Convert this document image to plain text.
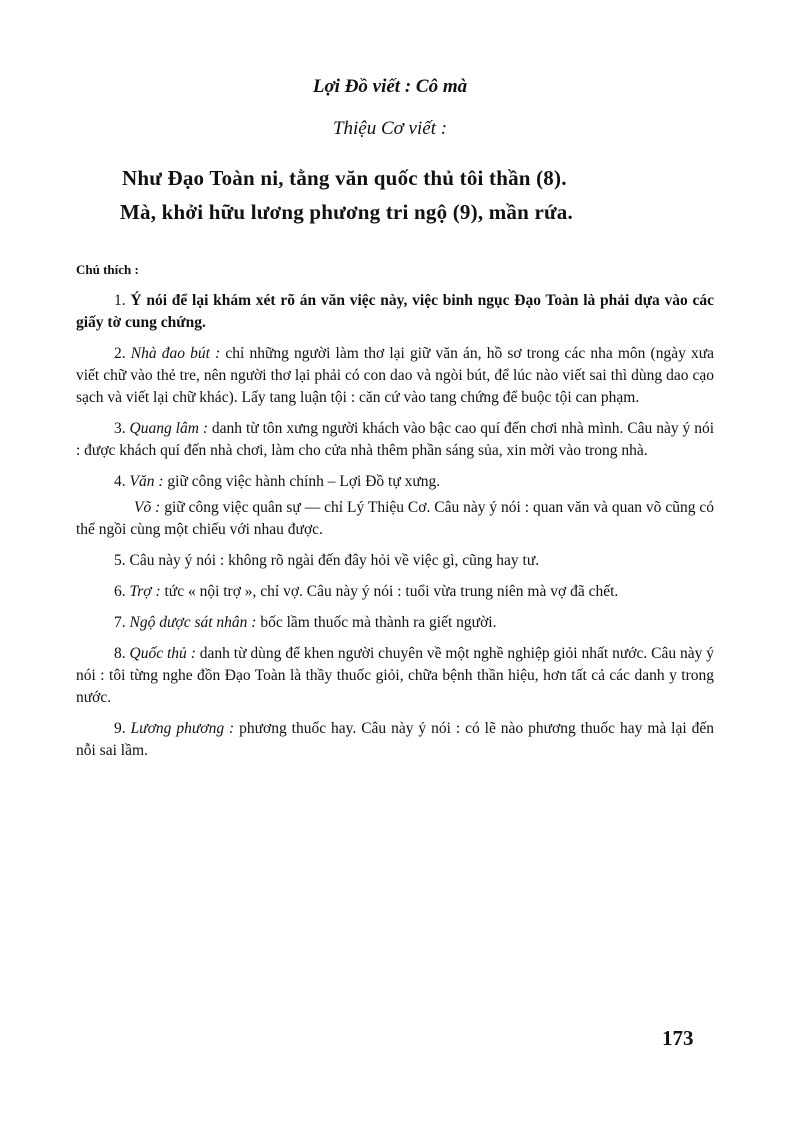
Lợi Đồ viết : Cô mà
Thiệu Cơ viết :
Như Đạo Toàn ni, tằng văn quốc thủ tôi thần (8).
Mà, khởi hữu lương phương tri ngộ (9), mần rứa.
Chú thích :

1. Ý nói để lại khám xét rõ án văn việc này, việc binh ngục Đạo Toàn là phải dựa vào các giấy tờ cung chứng.

2. Nhà đao bút : chỉ những người làm thơ lại giữ văn án, hồ sơ trong các nha môn (ngày xưa viết chữ vào thẻ tre, nên người thơ lại phải có con dao và ngòi bút, để lúc nào viết sai thì dùng dao cạo sạch và viết lại chữ khác). Lấy tang luận tội : căn cứ vào tang chứng để buộc tội can phạm.

3. Quang lâm : danh từ tôn xưng người khách vào bậc cao quí đến chơi nhà mình. Câu này ý nói : được khách quí đến nhà chơi, làm cho cửa nhà thêm phần sáng sủa, xin mời vào trong nhà.

4. Văn : giữ công việc hành chính – Lợi Đồ tự xưng.

Võ : giữ công việc quân sự — chỉ Lý Thiệu Cơ. Câu này ý nói : quan văn và quan võ cũng có thể ngồi cùng một chiếu với nhau được.

5. Câu này ý nói : không rõ ngài đến đây hỏi về việc gì, cũng hay tư.

6. Trợ : tức « nội trợ », chỉ vợ. Câu này ý nói : tuổi vừa trung niên mà vợ đã chết.

7. Ngộ dược sát nhân : bốc lầm thuốc mà thành ra giết người.

8. Quốc thủ : danh từ dùng để khen người chuyên về một nghề nghiệp giỏi nhất nước. Câu này ý nói : tôi từng nghe đồn Đạo Toàn là thầy thuốc giỏi, chữa bệnh thần hiệu, hơn tất cả các danh y trong nước.

9. Lương phương : phương thuốc hay. Câu này ý nói : có lẽ nào phương thuốc hay mà lại đến nỗi sai lầm.

173
